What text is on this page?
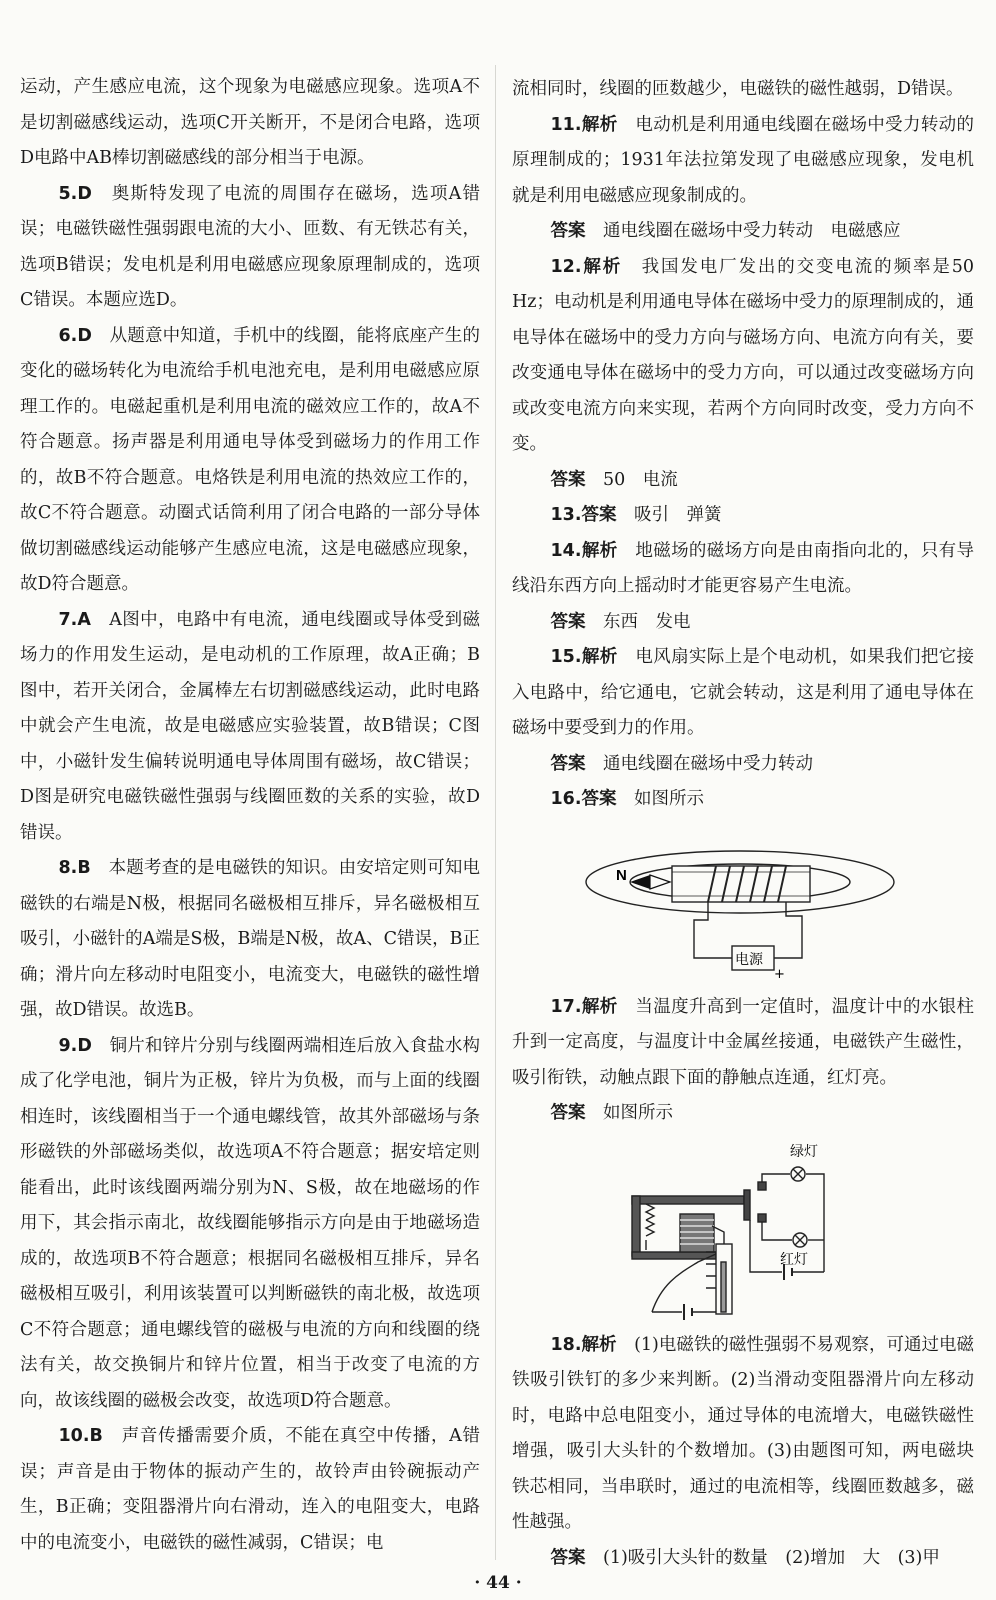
运动，产生感应电流，这个现象为电磁感应现象。选项A不是切割磁感线运动，选项C开关断开，不是闭合电路，选项D电路中AB棒切割磁感线的部分相当于电源。

5.D　 奥斯特发现了电流的周围存在磁场，选项A错误；电磁铁磁性强弱跟电流的大小、匝数、有无铁芯有关，选项B错误；发电机是利用电磁感应现象原理制成的，选项C错误。本题应选D。

6.D　 从题意中知道，手机中的线圈，能将底座产生的变化的磁场转化为电流给手机电池充电，是利用电磁感应原理工作的。电磁起重机是利用电流的磁效应工作的，故A不符合题意。扬声器是利用通电导体受到磁场力的作用工作的，故B不符合题意。电烙铁是利用电流的热效应工作的，故C不符合题意。动圈式话筒利用了闭合电路的一部分导体做切割磁感线运动能够产生感应电流，这是电磁感应现象，故D符合题意。

7.A　 A图中，电路中有电流，通电线圈或导体受到磁场力的作用发生运动，是电动机的工作原理，故A正确；B图中，若开关闭合，金属棒左右切割磁感线运动，此时电路中就会产生电流，故是电磁感应实验装置，故B错误；C图中，小磁针发生偏转说明通电导体周围有磁场，故C错误；D图是研究电磁铁磁性强弱与线圈匝数的关系的实验，故D错误。

8.B　 本题考查的是电磁铁的知识。由安培定则可知电磁铁的右端是N极，根据同名磁极相互排斥，异名磁极相互吸引，小磁针的A端是S极，B端是N极，故A、C错误，B正确；滑片向左移动时电阻变小，电流变大，电磁铁的磁性增强，故D错误。故选B。

9.D　 铜片和锌片分别与线圈两端相连后放入食盐水构成了化学电池，铜片为正极，锌片为负极，而与上面的线圈相连时，该线圈相当于一个通电螺线管，故其外部磁场与条形磁铁的外部磁场类似，故选项A不符合题意；据安培定则能看出，此时该线圈两端分别为N、S极，故在地磁场的作用下，其会指示南北，故线圈能够指示方向是由于地磁场造成的，故选项B不符合题意；根据同名磁极相互排斥，异名磁极相互吸引，利用该装置可以判断磁铁的南北极，故选项C不符合题意；通电螺线管的磁极与电流的方向和线圈的绕法有关，故交换铜片和锌片位置，相当于改变了电流的方向，故该线圈的磁极会改变，故选项D符合题意。

10.B　 声音传播需要介质，不能在真空中传播，A错误；声音是由于物体的振动产生的，故铃声由铃碗振动产生，B正确；变阻器滑片向右滑动，连入的电阻变大，电路中的电流变小，电磁铁的磁性减弱，C错误；电

流相同时，线圈的匝数越少，电磁铁的磁性越弱，D错误。

11.解析　 电动机是利用通电线圈在磁场中受力转动的原理制成的；1931年法拉第发现了电磁感应现象，发电机就是利用电磁感应现象制成的。

答案　 通电线圈在磁场中受力转动　电磁感应

12.解析　 我国发电厂发出的交变电流的频率是50 Hz；电动机是利用通电导体在磁场中受力的原理制成的，通电导体在磁场中的受力方向与磁场方向、电流方向有关，要改变通电导体在磁场中的受力方向，可以通过改变磁场方向或改变电流方向来实现，若两个方向同时改变，受力方向不变。

答案　 50　电流

13.答案　 吸引　弹簧

14.解析　 地磁场的磁场方向是由南指向北的，只有导线沿东西方向上摇动时才能更容易产生电流。

答案　 东西　发电

15.解析　 电风扇实际上是个电动机，如果我们把它接入电路中，给它通电，它就会转动，这是利用了通电导体在磁场中要受到力的作用。

答案　 通电线圈在磁场中受力转动

16.答案　 如图所示

N
电源
+

17.解析　 当温度升高到一定值时，温度计中的水银柱升到一定高度，与温度计中金属丝接通，电磁铁产生磁性，吸引衔铁，动触点跟下面的静触点连通，红灯亮。

答案　 如图所示

绿灯
红灯

18.解析　 (1)电磁铁的磁性强弱不易观察，可通过电磁铁吸引铁钉的多少来判断。(2)当滑动变阻器滑片向左移动时，电路中总电阻变小，通过导体的电流增大，电磁铁磁性增强，吸引大头针的个数增加。(3)由题图可知，两电磁块铁芯相同，当串联时，通过的电流相等，线圈匝数越多，磁性越强。

答案　 (1)吸引大头针的数量　(2)增加　大　(3)甲

· 44 ·
